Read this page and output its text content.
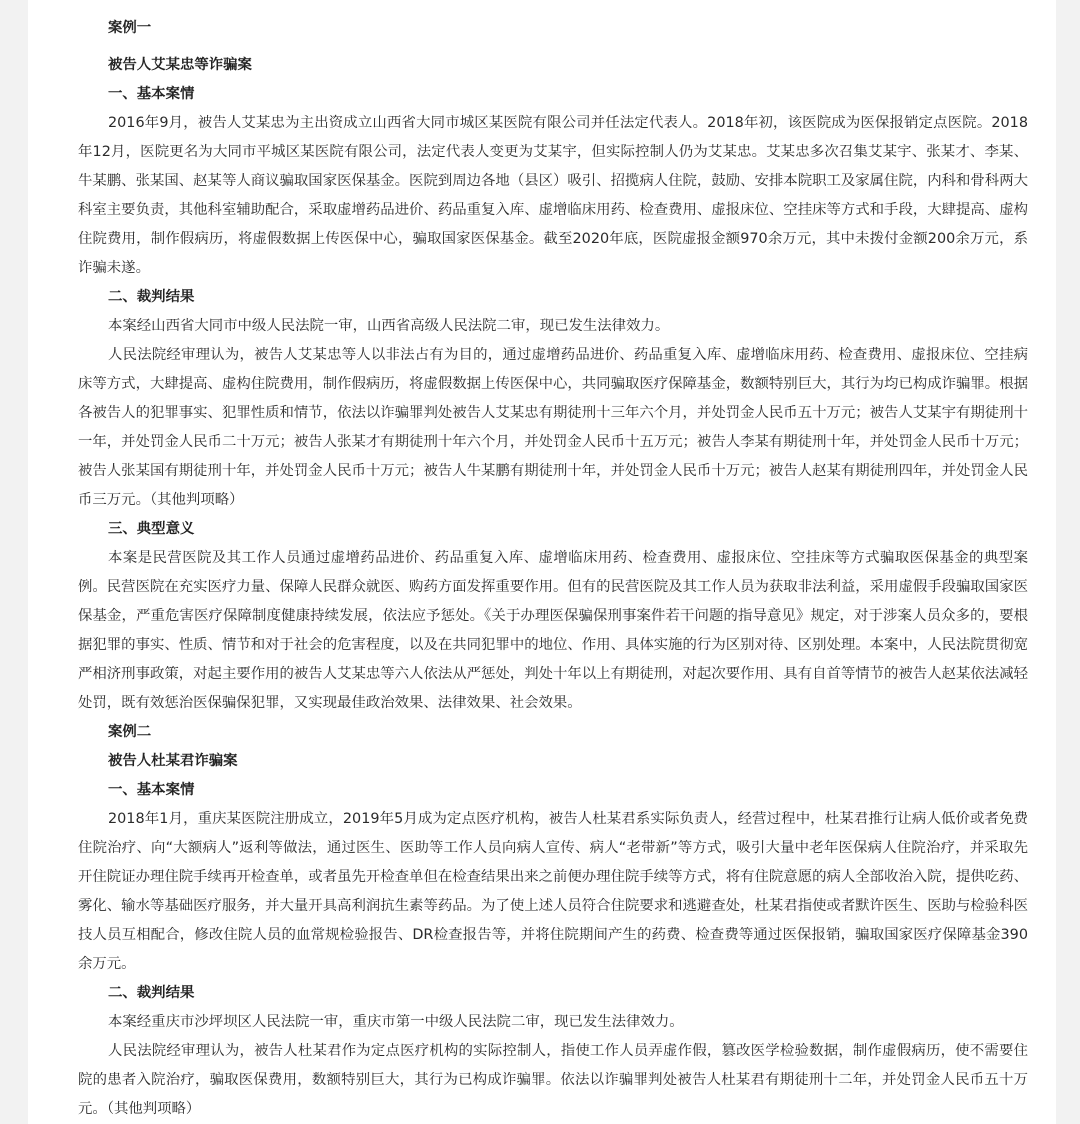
案例一
被告人艾某忠等诈骗案
一、基本案情

2016年9月，被告人艾某忠为主出资成立山西省大同市城区某医院有限公司并任法定代表人。2018年初，该医院成为医保报销定点医院。2018年12月，医院更名为大同市平城区某医院有限公司，法定代表人变更为艾某宇，但实际控制人仍为艾某忠。艾某忠多次召集艾某宇、张某才、李某、牛某鹏、张某国、赵某等人商议骗取国家医保基金。医院到周边各地（县区）吸引、招揽病人住院，鼓励、安排本院职工及家属住院，内科和骨科两大科室主要负责，其他科室辅助配合，采取虚增药品进价、药品重复入库、虚增临床用药、检查费用、虚报床位、空挂床等方式和手段，大肆提高、虚构住院费用，制作假病历，将虚假数据上传医保中心，骗取国家医保基金。截至2020年底，医院虚报金额970余万元，其中未拨付金额200余万元，系诈骗未遂。

二、裁判结果

本案经山西省大同市中级人民法院一审，山西省高级人民法院二审，现已发生法律效力。

人民法院经审理认为，被告人艾某忠等人以非法占有为目的，通过虚增药品进价、药品重复入库、虚增临床用药、检查费用、虚报床位、空挂病床等方式，大肆提高、虚构住院费用，制作假病历，将虚假数据上传医保中心，共同骗取医疗保障基金，数额特别巨大，其行为均已构成诈骗罪。根据各被告人的犯罪事实、犯罪性质和情节，依法以诈骗罪判处被告人艾某忠有期徒刑十三年六个月，并处罚金人民币五十万元；被告人艾某宇有期徒刑十一年，并处罚金人民币二十万元；被告人张某才有期徒刑十年六个月，并处罚金人民币十五万元；被告人李某有期徒刑十年，并处罚金人民币十万元；被告人张某国有期徒刑十年，并处罚金人民币十万元；被告人牛某鹏有期徒刑十年，并处罚金人民币十万元；被告人赵某有期徒刑四年，并处罚金人民币三万元。（其他判项略）

三、典型意义

本案是民营医院及其工作人员通过虚增药品进价、药品重复入库、虚增临床用药、检查费用、虚报床位、空挂床等方式骗取医保基金的典型案例。民营医院在充实医疗力量、保障人民群众就医、购药方面发挥重要作用。但有的民营医院及其工作人员为获取非法利益，采用虚假手段骗取国家医保基金，严重危害医疗保障制度健康持续发展，依法应予惩处。《关于办理医保骗保刑事案件若干问题的指导意见》规定，对于涉案人员众多的，要根据犯罪的事实、性质、情节和对于社会的危害程度，以及在共同犯罪中的地位、作用、具体实施的行为区别对待、区别处理。本案中，人民法院贯彻宽严相济刑事政策，对起主要作用的被告人艾某忠等六人依法从严惩处，判处十年以上有期徒刑，对起次要作用、具有自首等情节的被告人赵某依法减轻处罚，既有效惩治医保骗保犯罪，又实现最佳政治效果、法律效果、社会效果。

案例二
被告人杜某君诈骗案
一、基本案情

2018年1月，重庆某医院注册成立，2019年5月成为定点医疗机构，被告人杜某君系实际负责人，经营过程中，杜某君推行让病人低价或者免费住院治疗、向“大额病人”返利等做法，通过医生、医助等工作人员向病人宣传、病人“老带新”等方式，吸引大量中老年医保病人住院治疗，并采取先开住院证办理住院手续再开检查单，或者虽先开检查单但在检查结果出来之前便办理住院手续等方式，将有住院意愿的病人全部收治入院，提供吃药、雾化、输水等基础医疗服务，并大量开具高利润抗生素等药品。为了使上述人员符合住院要求和逃避查处，杜某君指使或者默许医生、医助与检验科医技人员互相配合，修改住院人员的血常规检验报告、DR检查报告等，并将住院期间产生的药费、检查费等通过医保报销，骗取国家医疗保障基金390余万元。

二、裁判结果

本案经重庆市沙坪坝区人民法院一审，重庆市第一中级人民法院二审，现已发生法律效力。

人民法院经审理认为，被告人杜某君作为定点医疗机构的实际控制人，指使工作人员弄虚作假，篡改医学检验数据，制作虚假病历，使不需要住院的患者入院治疗，骗取医保费用，数额特别巨大，其行为已构成诈骗罪。依法以诈骗罪判处被告人杜某君有期徒刑十二年，并处罚金人民币五十万元。（其他判项略）
